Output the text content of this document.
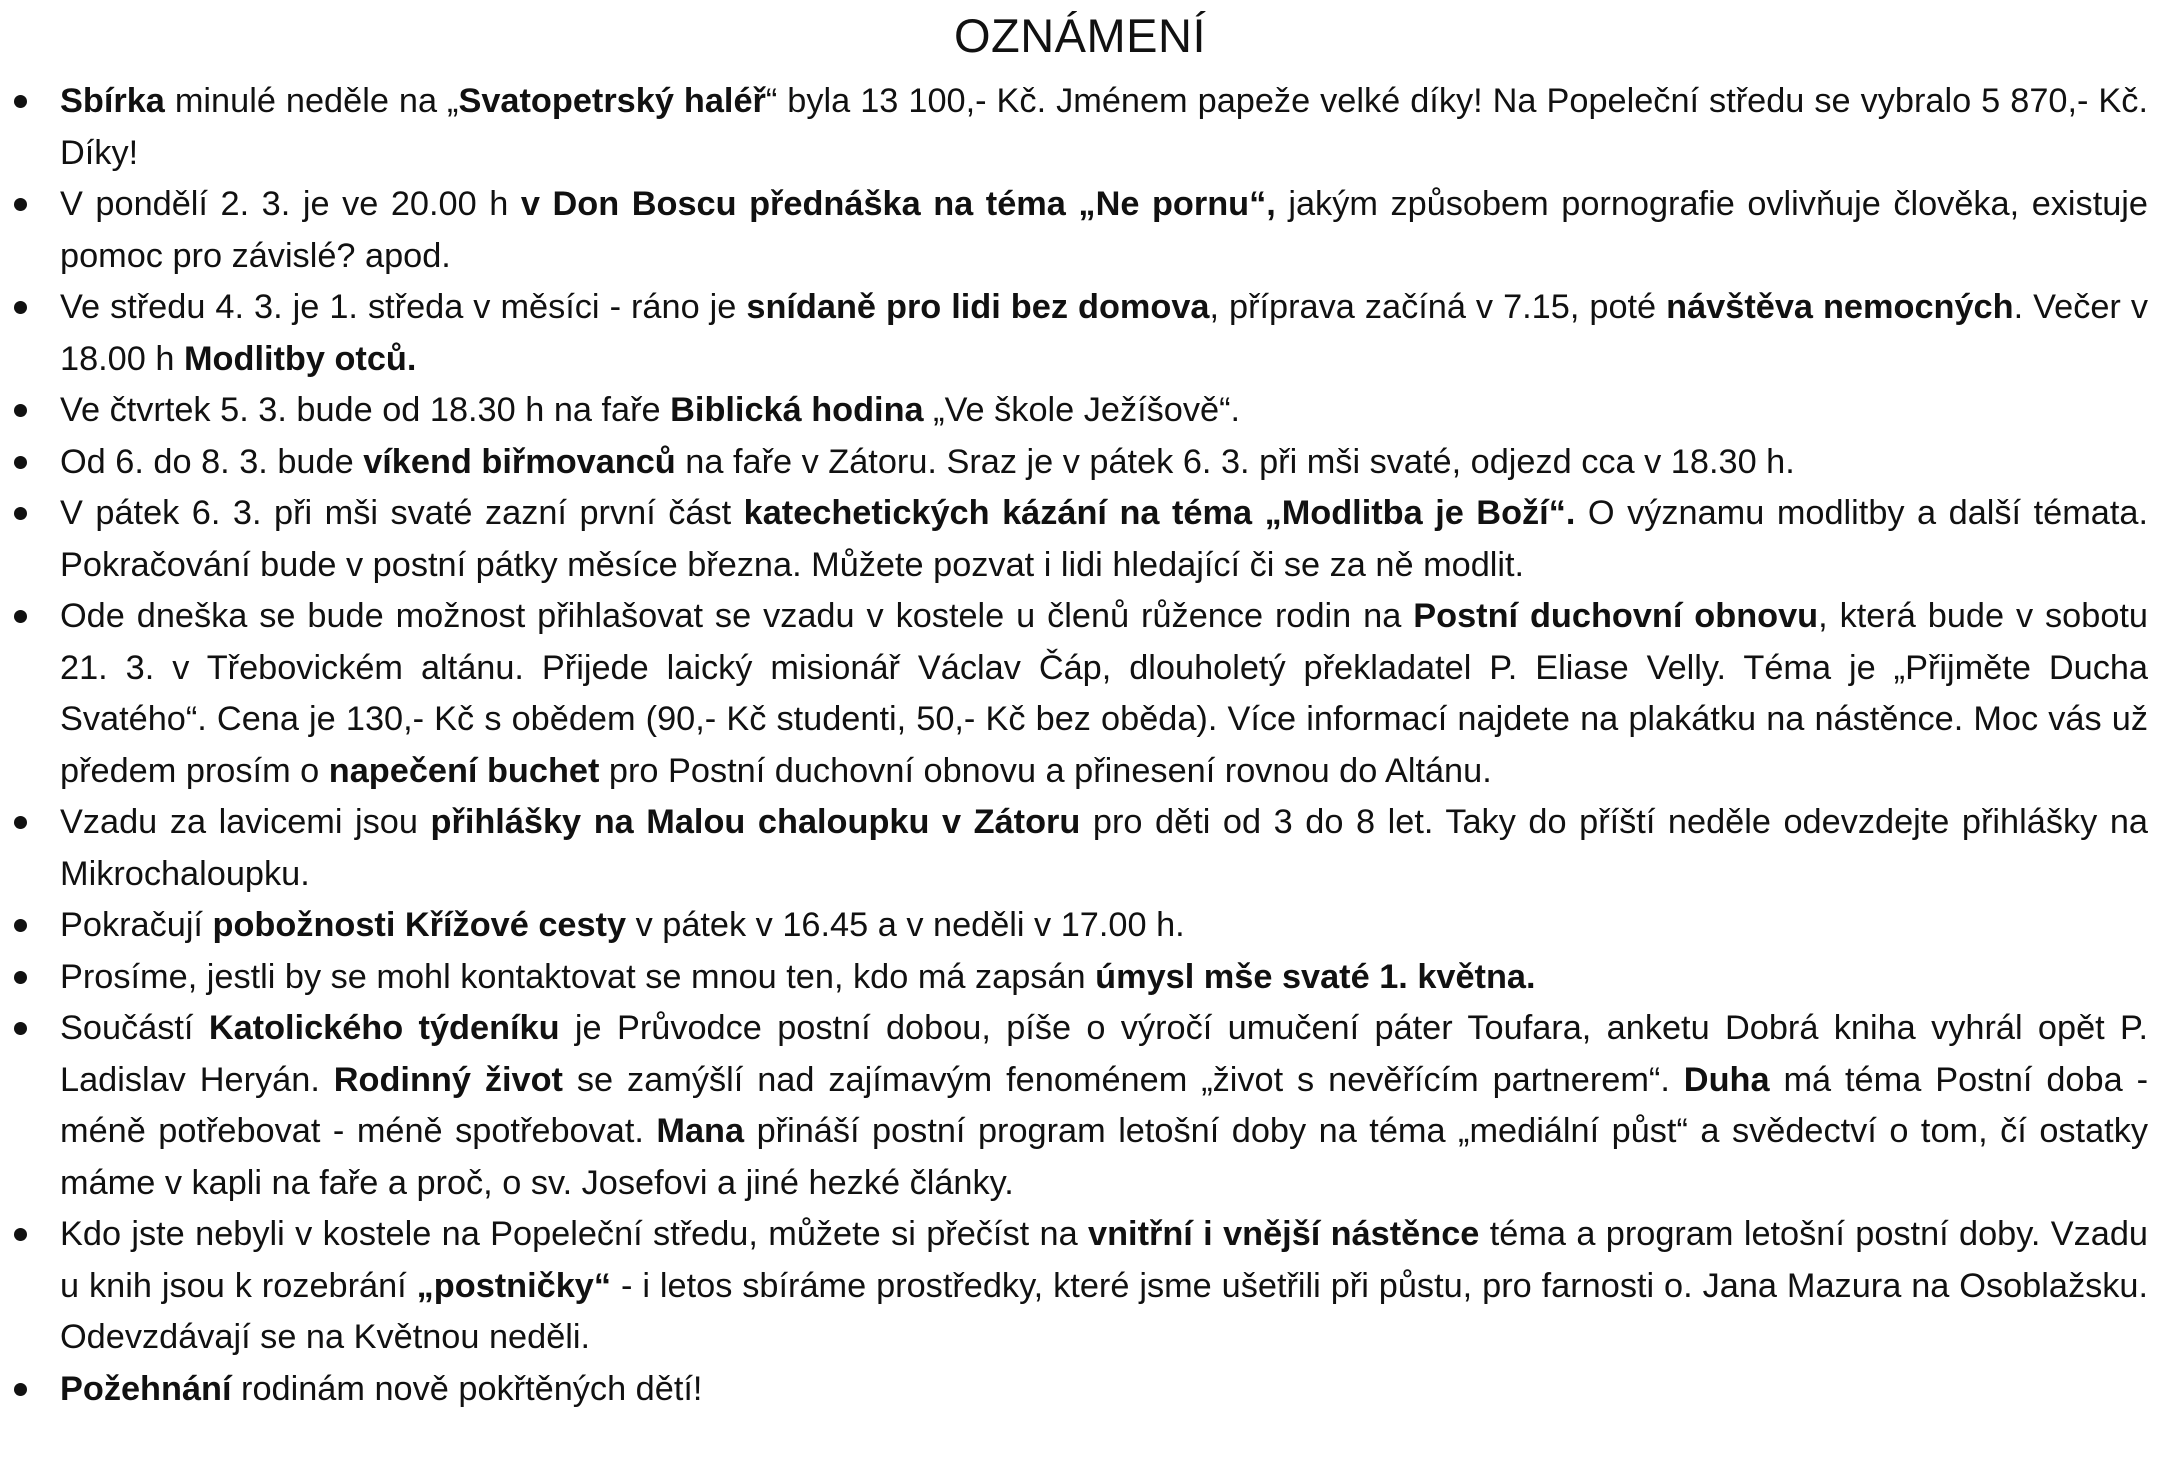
OZNÁMENÍ
Sbírka minulé neděle na „Svatopetrský haléř“ byla 13 100,- Kč. Jménem papeže velké díky! Na Popeleční středu se vybralo 5 870,- Kč. Díky!
V pondělí 2. 3. je ve 20.00 h v Don Boscu přednáška na téma „Ne pornu“, jakým způsobem pornografie ovlivňuje člověka, existuje pomoc pro závislé? apod.
Ve středu 4. 3. je 1. středa v měsíci - ráno je snídaně pro lidi bez domova, příprava začíná v 7.15, poté návštěva nemocných. Večer v 18.00 h Modlitby otců.
Ve čtvrtek 5. 3. bude od 18.30 h na faře Biblická hodina „Ve škole Ježíšově“.
Od 6. do 8. 3. bude víkend biřmovanců na faře v Zátoru. Sraz je v pátek 6. 3. při mši svaté, odjezd cca v 18.30 h.
V pátek 6. 3. při mši svaté zazní první část katechetických kázání na téma „Modlitba je Boží“. O významu modlitby a další témata. Pokračování bude v postní pátky měsíce března. Můžete pozvat i lidi hledající či se za ně modlit.
Ode dneška se bude možnost přihlašovat se vzadu v kostele u členů růžence rodin na Postní duchovní obnovu, která bude v sobotu 21. 3. v Třebovickém altánu. Přijede laický misionář Václav Čáp, dlouholetý překladatel P. Eliase Velly. Téma je „Přijměte Ducha Svatého“. Cena je 130,- Kč s obědem (90,- Kč studenti, 50,- Kč bez oběda). Více informací najdete na plakátku na nástěnce. Moc vás už předem prosím o napečení buchet pro Postní duchovní obnovu a přinesení rovnou do Altánu.
Vzadu za lavicemi jsou přihlášky na Malou chaloupku v Zátoru pro děti od 3 do 8 let. Taky do příští neděle odevzdejte přihlášky na Mikrochaloupku.
Pokračují pobožnosti Křížové cesty v pátek v 16.45 a v neděli v 17.00 h.
Prosíme, jestli by se mohl kontaktovat se mnou ten, kdo má zapsán úmysl mše svaté 1. května.
Součástí Katolického týdeníku je Průvodce postní dobou, píše o výročí umučení páter Toufara, anketu Dobrá kniha vyhrál opět P. Ladislav Heryán. Rodinný život se zamýšlí nad zajímavým fenoménem „život s nevěřícím partnerem“. Duha má téma Postní doba - méně potřebovat - méně spotřebovat. Mana přináší postní program letošní doby na téma „mediální půst“ a svědectví o tom, čí ostatky máme v kapli na faře a proč, o sv. Josefovi a jiné hezké články.
Kdo jste nebyli v kostele na Popeleční středu, můžete si přečíst na vnitřní i vnější nástěnce téma a program letošní postní doby. Vzadu u knih jsou k rozebrání „postničky“ - i letos sbíráme prostředky, které jsme ušetřili při půstu, pro farnosti o. Jana Mazura na Osoblažsku. Odevzdávají se na Květnou neděli.
Požehnání rodinám nově pokřtěných dětí!
